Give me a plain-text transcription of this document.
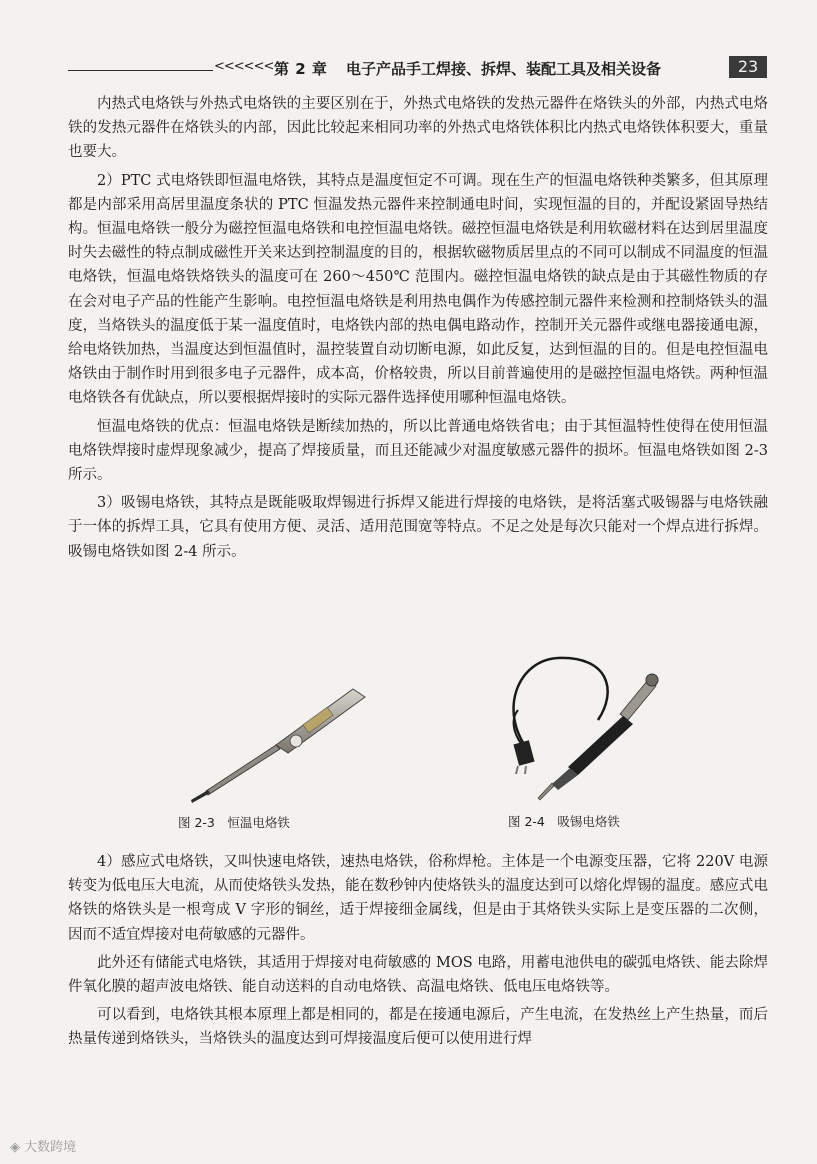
<<<<<< 第 2 章 电子产品手工焊接、拆焊、装配工具及相关设备	23

内热式电烙铁与外热式电烙铁的主要区别在于，外热式电烙铁的发热元器件在烙铁头的外部，内热式电烙铁的发热元器件在烙铁头的内部，因此比较起来相同功率的外热式电烙铁体积比内热式电烙铁体积要大，重量也要大。

2）PTC 式电烙铁即恒温电烙铁，其特点是温度恒定不可调。现在生产的恒温电烙铁种类繁多，但其原理都是内部采用高居里温度条状的 PTC 恒温发热元器件来控制通电时间，实现恒温的目的，并配设紧固导热结构。恒温电烙铁一般分为磁控恒温电烙铁和电控恒温电烙铁。磁控恒温电烙铁是利用软磁材料在达到居里温度时失去磁性的特点制成磁性开关来达到控制温度的目的，根据软磁物质居里点的不同可以制成不同温度的恒温电烙铁，恒温电烙铁烙铁头的温度可在 260～450℃ 范围内。磁控恒温电烙铁的缺点是由于其磁性物质的存在会对电子产品的性能产生影响。电控恒温电烙铁是利用热电偶作为传感控制元器件来检测和控制烙铁头的温度，当烙铁头的温度低于某一温度值时，电烙铁内部的热电偶电路动作，控制开关元器件或继电器接通电源，给电烙铁加热，当温度达到恒温值时，温控装置自动切断电源，如此反复，达到恒温的目的。但是电控恒温电烙铁由于制作时用到很多电子元器件，成本高，价格较贵，所以目前普遍使用的是磁控恒温电烙铁。两种恒温电烙铁各有优缺点，所以要根据焊接时的实际元器件选择使用哪种恒温电烙铁。

恒温电烙铁的优点：恒温电烙铁是断续加热的，所以比普通电烙铁省电；由于其恒温特性使得在使用恒温电烙铁焊接时虚焊现象减少，提高了焊接质量，而且还能减少对温度敏感元器件的损坏。恒温电烙铁如图 2-3 所示。

3）吸锡电烙铁，其特点是既能吸取焊锡进行拆焊又能进行焊接的电烙铁，是将活塞式吸锡器与电烙铁融于一体的拆焊工具，它具有使用方便、灵活、适用范围宽等特点。不足之处是每次只能对一个焊点进行拆焊。吸锡电烙铁如图 2-4 所示。

图 2-3　恒温电烙铁	图 2-4　吸锡电烙铁

4）感应式电烙铁，又叫快速电烙铁，速热电烙铁，俗称焊枪。主体是一个电源变压器，它将 220V 电源转变为低电压大电流，从而使烙铁头发热，能在数秒钟内使烙铁头的温度达到可以熔化焊锡的温度。感应式电烙铁的烙铁头是一根弯成 V 字形的铜丝，适于焊接细金属线，但是由于其烙铁头实际上是变压器的二次侧，因而不适宜焊接对电荷敏感的元器件。

此外还有储能式电烙铁，其适用于焊接对电荷敏感的 MOS 电路，用蓄电池供电的碳弧电烙铁、能去除焊件氧化膜的超声波电烙铁、能自动送料的自动电烙铁、高温电烙铁、低电压电烙铁等。

可以看到，电烙铁其根本原理上都是相同的，都是在接通电源后，产生电流，在发热丝上产生热量，而后热量传递到烙铁头，当烙铁头的温度达到可焊接温度后便可以使用进行焊

◈ 大数跨境
